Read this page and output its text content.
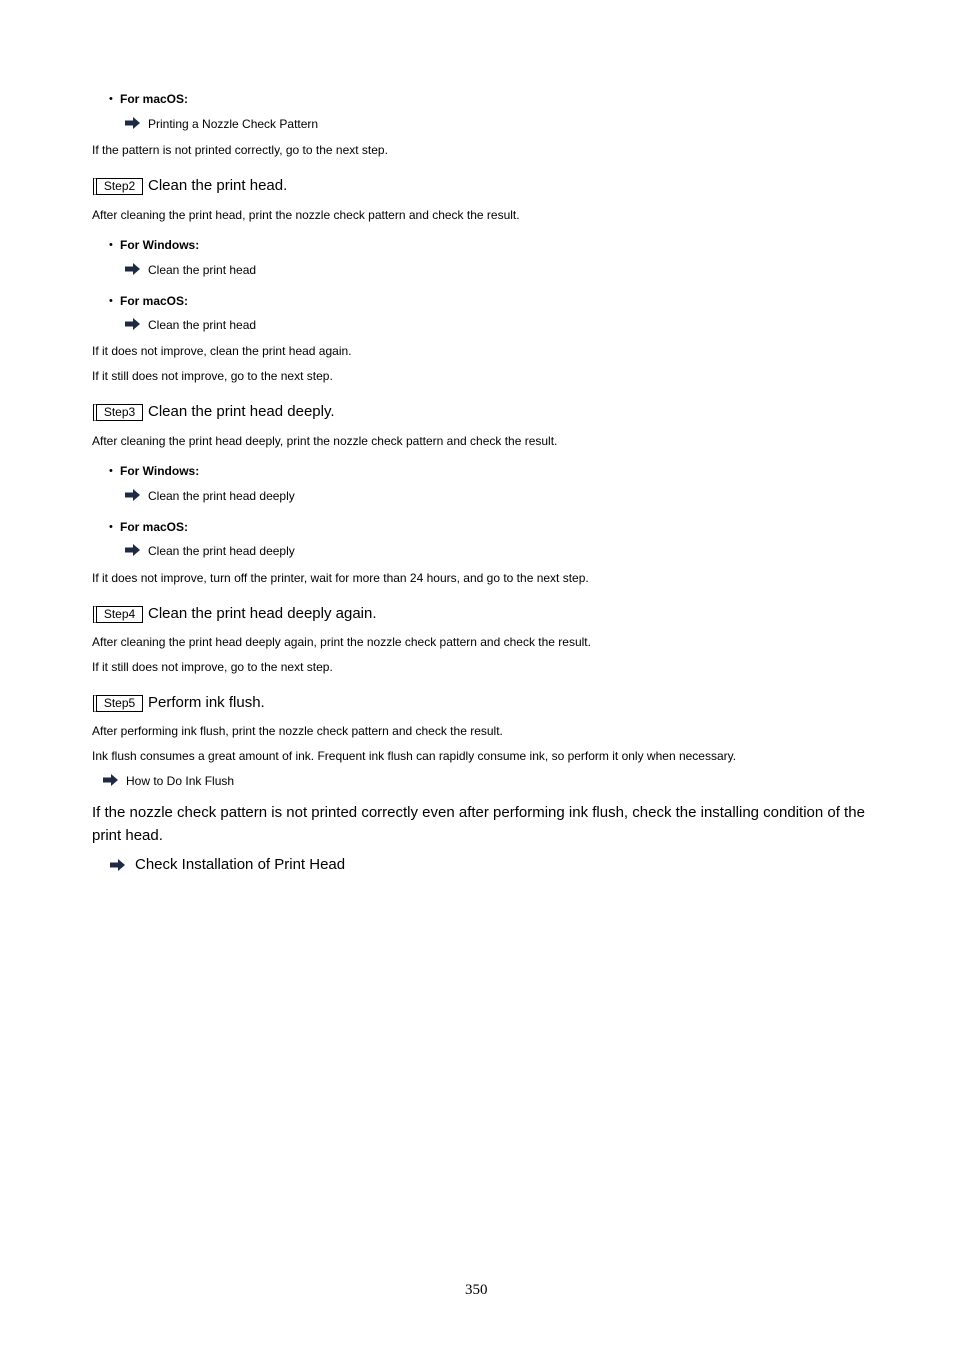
• For macOS:
Printing a Nozzle Check Pattern
If the pattern is not printed correctly, go to the next step.
Step2 Clean the print head.
After cleaning the print head, print the nozzle check pattern and check the result.
• For Windows:
Clean the print head
• For macOS:
Clean the print head
If it does not improve, clean the print head again.
If it still does not improve, go to the next step.
Step3 Clean the print head deeply.
After cleaning the print head deeply, print the nozzle check pattern and check the result.
• For Windows:
Clean the print head deeply
• For macOS:
Clean the print head deeply
If it does not improve, turn off the printer, wait for more than 24 hours, and go to the next step.
Step4 Clean the print head deeply again.
After cleaning the print head deeply again, print the nozzle check pattern and check the result.
If it still does not improve, go to the next step.
Step5 Perform ink flush.
After performing ink flush, print the nozzle check pattern and check the result.
Ink flush consumes a great amount of ink. Frequent ink flush can rapidly consume ink, so perform it only when necessary.
How to Do Ink Flush
If the nozzle check pattern is not printed correctly even after performing ink flush, check the installing condition of the print head.
Check Installation of Print Head
350
